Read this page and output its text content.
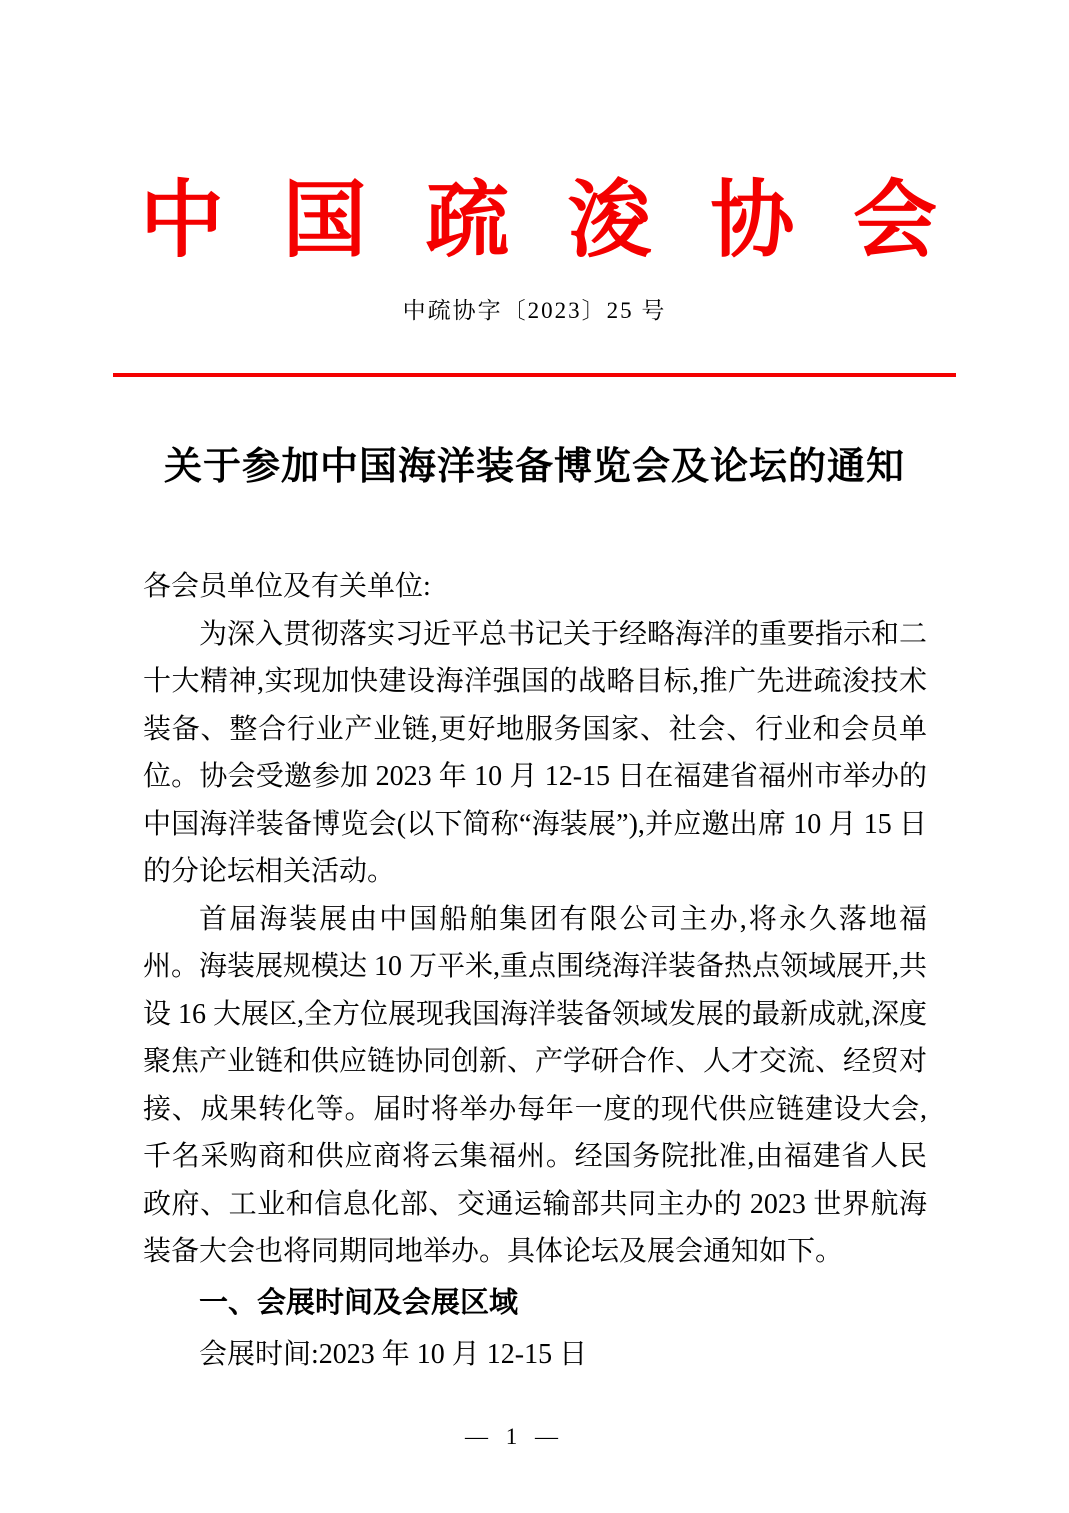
中 国 疏 浚 协 会
中疏协字〔2023〕25 号
关于参加中国海洋装备博览会及论坛的通知

各会员单位及有关单位:

为深入贯彻落实习近平总书记关于经略海洋的重要指示和二十大精神,实现加快建设海洋强国的战略目标,推广先进疏浚技术装备、整合行业产业链,更好地服务国家、社会、行业和会员单位。协会受邀参加 2023 年 10 月 12-15 日在福建省福州市举办的中国海洋装备博览会(以下简称“海装展”),并应邀出席 10 月 15 日的分论坛相关活动。

首届海装展由中国船舶集团有限公司主办,将永久落地福州。海装展规模达 10 万平米,重点围绕海洋装备热点领域展开,共设 16 大展区,全方位展现我国海洋装备领域发展的最新成就,深度聚焦产业链和供应链协同创新、产学研合作、人才交流、经贸对接、成果转化等。届时将举办每年一度的现代供应链建设大会,千名采购商和供应商将云集福州。经国务院批准,由福建省人民政府、工业和信息化部、交通运输部共同主办的 2023 世界航海装备大会也将同期同地举办。具体论坛及展会通知如下。

一、会展时间及会展区域

会展时间:2023 年 10 月 12-15 日

— 1 —
